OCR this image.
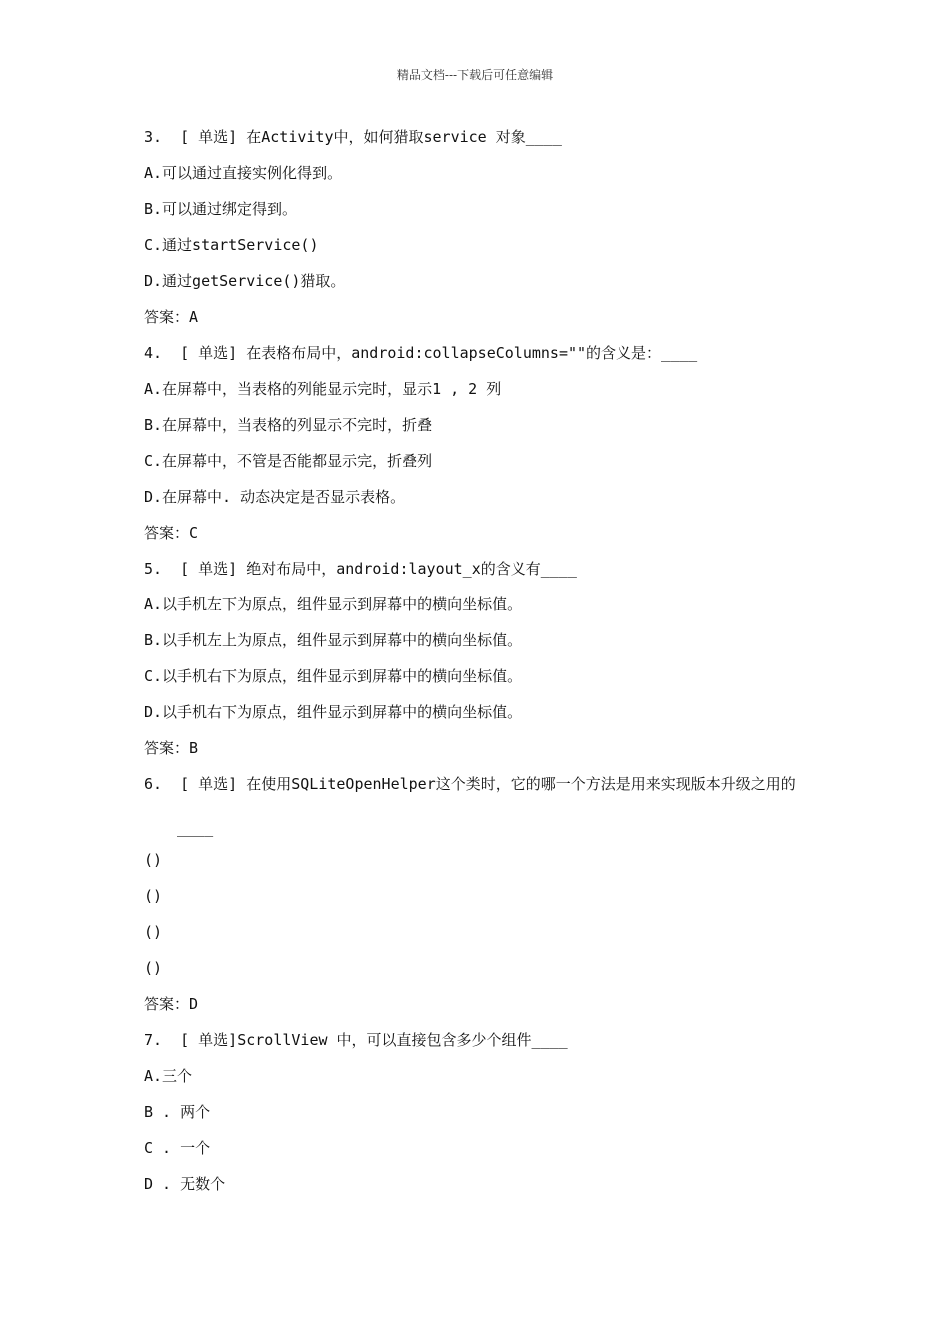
精品文档---下载后可任意编辑
3.  [ 单选] 在Activity中，如何猎取service 对象____
A.可以通过直接实例化得到。
B.可以通过绑定得到。
C.通过startService()
D.通过getService()猎取。
答案：A
4.  [ 单选] 在表格布局中，android:collapseColumns=""的含义是：____
A.在屏幕中，当表格的列能显示完时，显示1 , 2 列
B.在屏幕中，当表格的列显示不完时，折叠
C.在屏幕中，不管是否能都显示完，折叠列
D.在屏幕中. 动态决定是否显示表格。
答案：C
5.  [ 单选] 绝对布局中，android:layout_x的含义有____
A.以手机左下为原点，组件显示到屏幕中的横向坐标值。
B.以手机左上为原点，组件显示到屏幕中的横向坐标值。
C.以手机右下为原点，组件显示到屏幕中的横向坐标值。
D.以手机右下为原点，组件显示到屏幕中的横向坐标值。
答案：B
6.  [ 单选] 在使用SQLiteOpenHelper这个类时，它的哪一个方法是用来实现版本升级之用的
____
()
()
()
()
答案：D
7.  [ 单选]ScrollView 中，可以直接包含多少个组件____
A.三个
B . 两个
C . 一个
D . 无数个
